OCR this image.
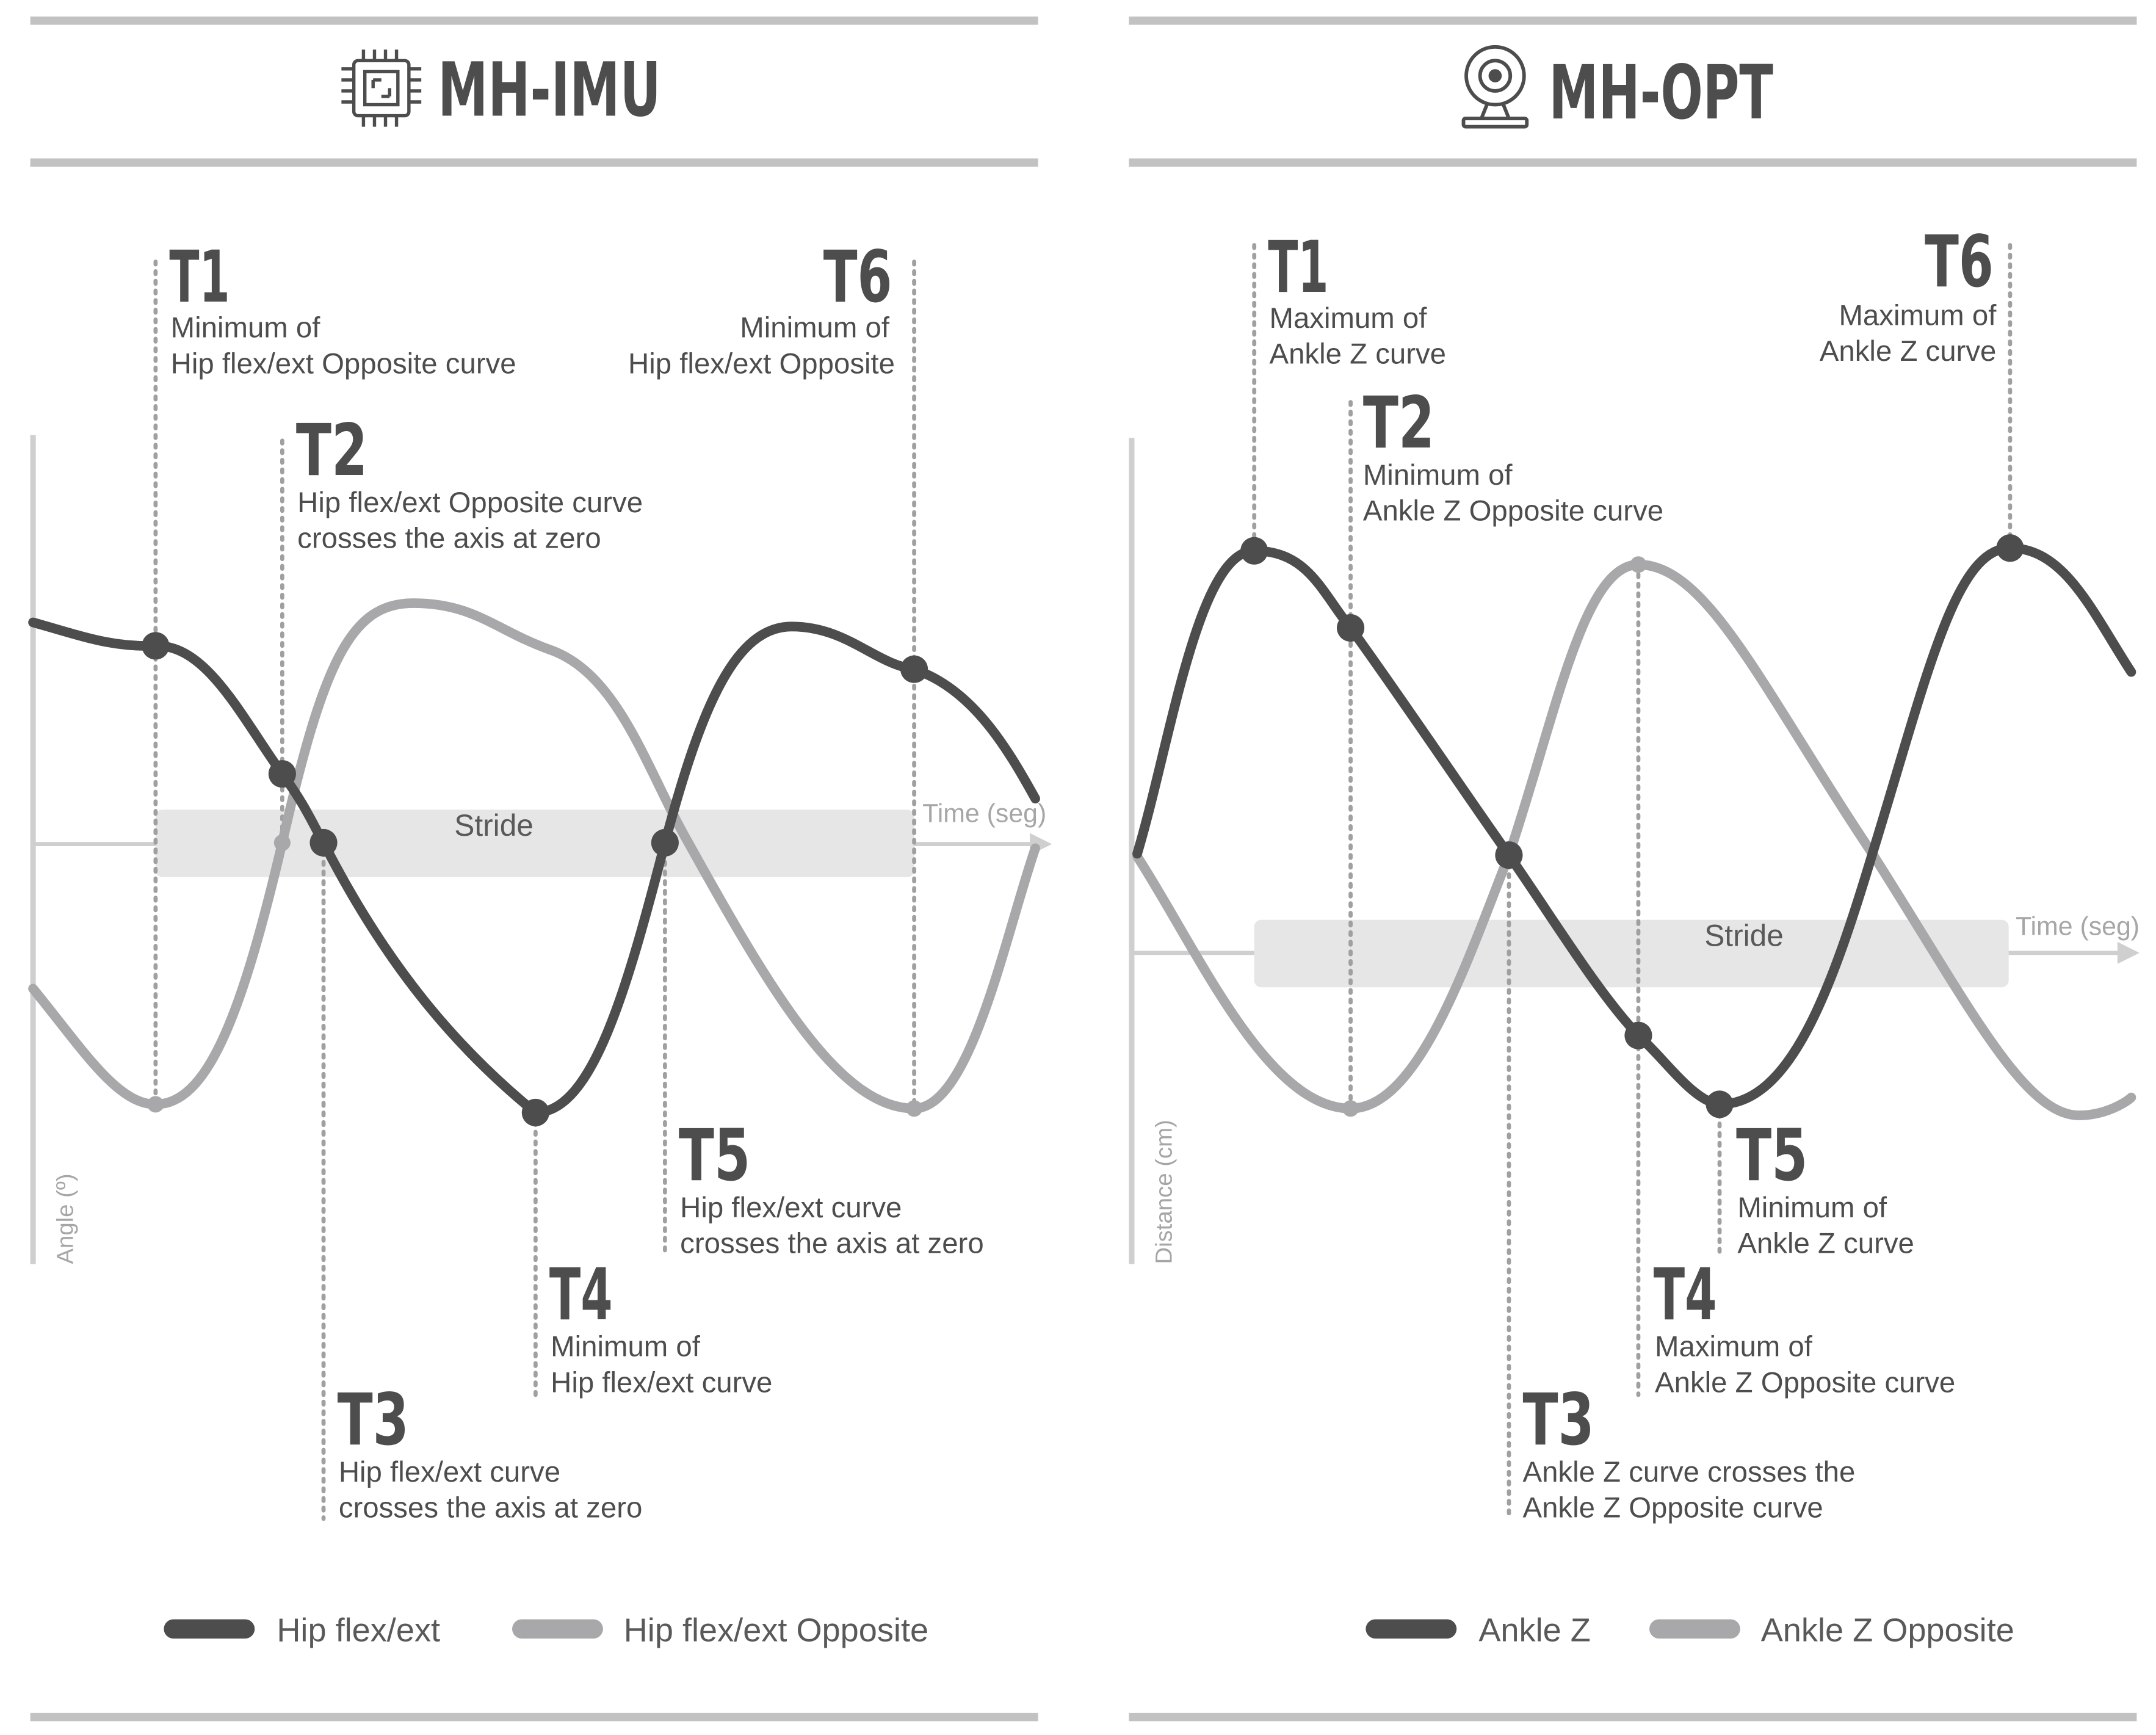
MH-IMU
Time (seg)
Angle (º)
Stride
T1
Minimum of
Hip flex/ext Opposite curve
T2
Hip flex/ext Opposite curve
crosses the axis at zero
T3
Hip flex/ext curve
crosses the axis at zero
T4
Minimum of
Hip flex/ext curve
T5
Hip flex/ext curve
crosses the axis at zero
T6
Minimum of
Hip flex/ext Opposite
Hip flex/ext	Hip flex/ext Opposite
MH-OPT
Time (seg)
Distance (cm)
Stride
T1
Maximum of
Ankle Z curve
T2
Minimum of
Ankle Z Opposite curve
T3
Ankle Z curve crosses the
Ankle Z Opposite curve
T4
Maximum of
Ankle Z Opposite curve
T5
Minimum of
Ankle Z curve
T6
Maximum of
Ankle Z curve
Ankle Z	Ankle Z Opposite
